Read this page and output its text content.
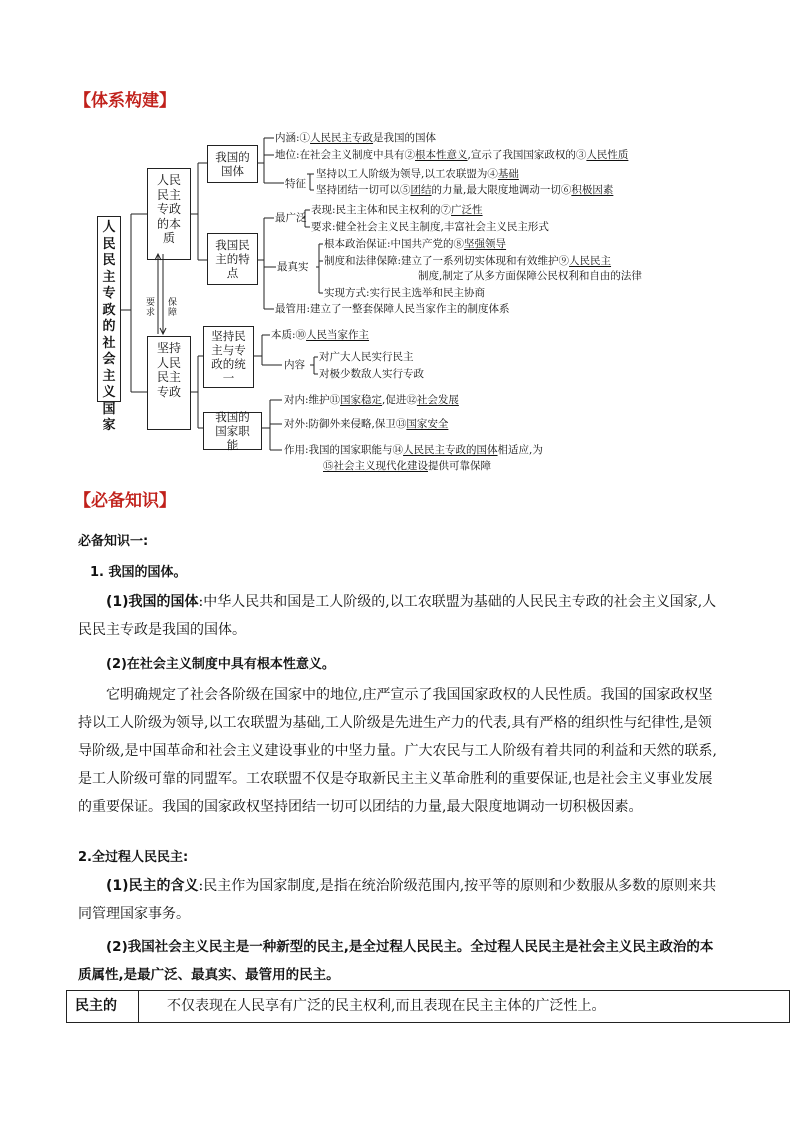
【体系构建】
人民民主专政的社会主义国家
人民民主专政的本质
坚持人民民主专政
要求
保障
我国的国体
我国民主的特点
坚持民主与专政的统一
我国的国家职能
内涵:①人民民主专政是我国的国体
地位:在社会主义制度中具有②根本性意义,宣示了我国国家政权的③人民性质
特征
坚持以工人阶级为领导,以工农联盟为④基础
坚持团结一切可以⑤团结的力量,最大限度地调动一切⑥积极因素
最广泛
表现:民主主体和民主权利的⑦广泛性
要求:健全社会主义民主制度,丰富社会主义民主形式
最真实
根本政治保证:中国共产党的⑧坚强领导
制度和法律保障:建立了一系列切实体现和有效维护⑨人民民主
制度,制定了从多方面保障公民权利和自由的法律
实现方式:实行民主选举和民主协商
最管用:建立了一整套保障人民当家作主的制度体系
本质:⑩人民当家作主
内容
对广大人民实行民主
对极少数敌人实行专政
对内:维护⑪国家稳定,促进⑫社会发展
对外:防御外来侵略,保卫⑬国家安全
作用:我国的国家职能与⑭人民民主专政的国体相适应,为
⑮社会主义现代化建设提供可靠保障
【必备知识】
必备知识一:
1. 我国的国体。
(1)我国的国体:中华人民共和国是工人阶级的,以工农联盟为基础的人民民主专政的社会主义国家,人民民主专政是我国的国体。
(2)在社会主义制度中具有根本性意义。
它明确规定了社会各阶级在国家中的地位,庄严宣示了我国国家政权的人民性质。我国的国家政权坚持以工人阶级为领导,以工农联盟为基础,工人阶级是先进生产力的代表,具有严格的组织性与纪律性,是领导阶级,是中国革命和社会主义建设事业的中坚力量。广大农民与工人阶级有着共同的利益和天然的联系,是工人阶级可靠的同盟军。工农联盟不仅是夺取新民主主义革命胜利的重要保证,也是社会主义事业发展的重要保证。我国的国家政权坚持团结一切可以团结的力量,最大限度地调动一切积极因素。
2.全过程人民民主:
(1)民主的含义:民主作为国家制度,是指在统治阶级范围内,按平等的原则和少数服从多数的原则来共同管理国家事务。
(2)我国社会主义民主是一种新型的民主,是全过程人民民主。全过程人民民主是社会主义民主政治的本质属性,是最广泛、最真实、最管用的民主。
民主的	不仅表现在人民享有广泛的民主权利,而且表现在民主主体的广泛性上。
